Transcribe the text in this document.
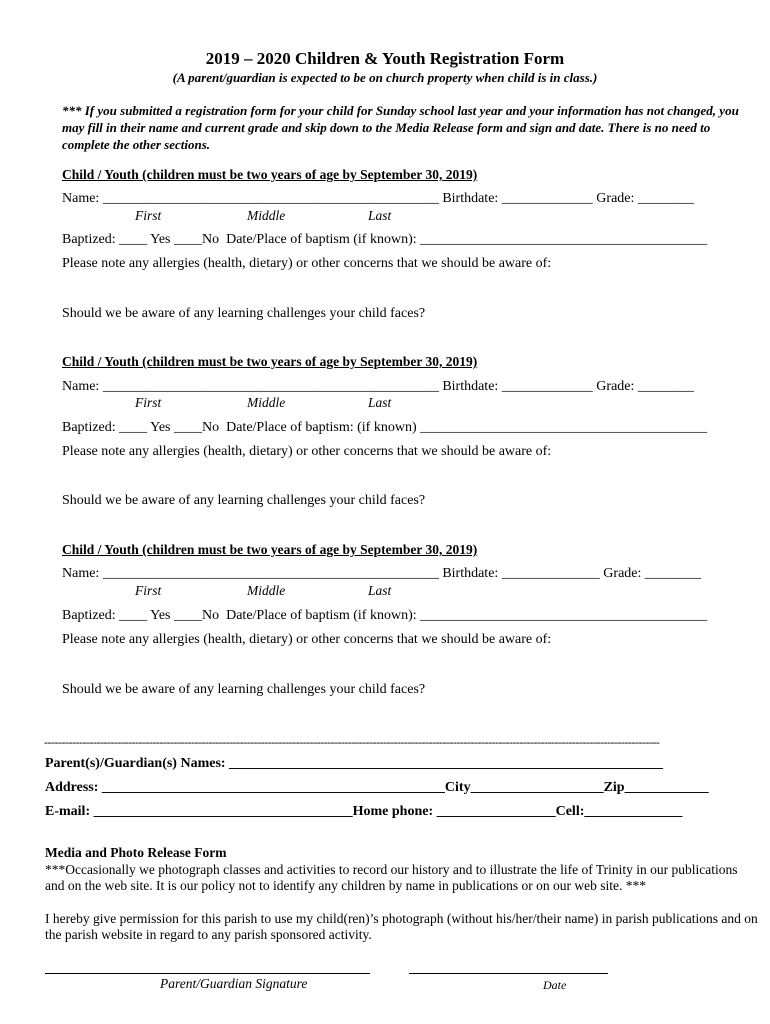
2019 – 2020 Children & Youth Registration Form
(A parent/guardian is expected to be on church property when child is in class.)
*** If you submitted a registration form for your child for Sunday school last year and your information has not changed, you may fill in their name and current grade and skip down to the Media Release form and sign and date. There is no need to complete the other sections.
Child / Youth (children must be two years of age by September 30, 2019)
Name: ________________________________________________ Birthdate: _____________ Grade: ________
First	Middle	Last
Baptized: ____ Yes ____No  Date/Place of baptism (if known): _________________________________________
Please note any allergies (health, dietary) or other concerns that we should be aware of:
Should we be aware of any learning challenges your child faces?
Child / Youth (children must be two years of age by September 30, 2019)
Name: ________________________________________________ Birthdate: _____________ Grade: ________
First	Middle	Last
Baptized: ____ Yes ____No  Date/Place of baptism: (if known) _________________________________________
Please note any allergies (health, dietary) or other concerns that we should be aware of:
Should we be aware of any learning challenges your child faces?
Child / Youth (children must be two years of age by September 30, 2019)
Name: ________________________________________________ Birthdate: ______________ Grade: ________
First	Middle	Last
Baptized: ____ Yes ____No  Date/Place of baptism (if known): _________________________________________
Please note any allergies (health, dietary) or other concerns that we should be aware of:
Should we be aware of any learning challenges your child faces?
--------------------------------------------------------------------------------------------------------------------------------------------------------------------------------
Parent(s)/Guardian(s) Names: ______________________________________________________________
Address: _________________________________________________City___________________Zip____________
E-mail: _____________________________________Home phone: _________________Cell:______________
Media and Photo Release Form
***Occasionally we photograph classes and activities to record our history and to illustrate the life of Trinity in our publications and on the web site. It is our policy not to identify any children by name in publications or on our web site. ***
I hereby give permission for this parish to use my child(ren)’s photograph (without his/her/their name) in parish publications and on the parish website in regard to any parish sponsored activity.
Parent/Guardian Signature	Date
